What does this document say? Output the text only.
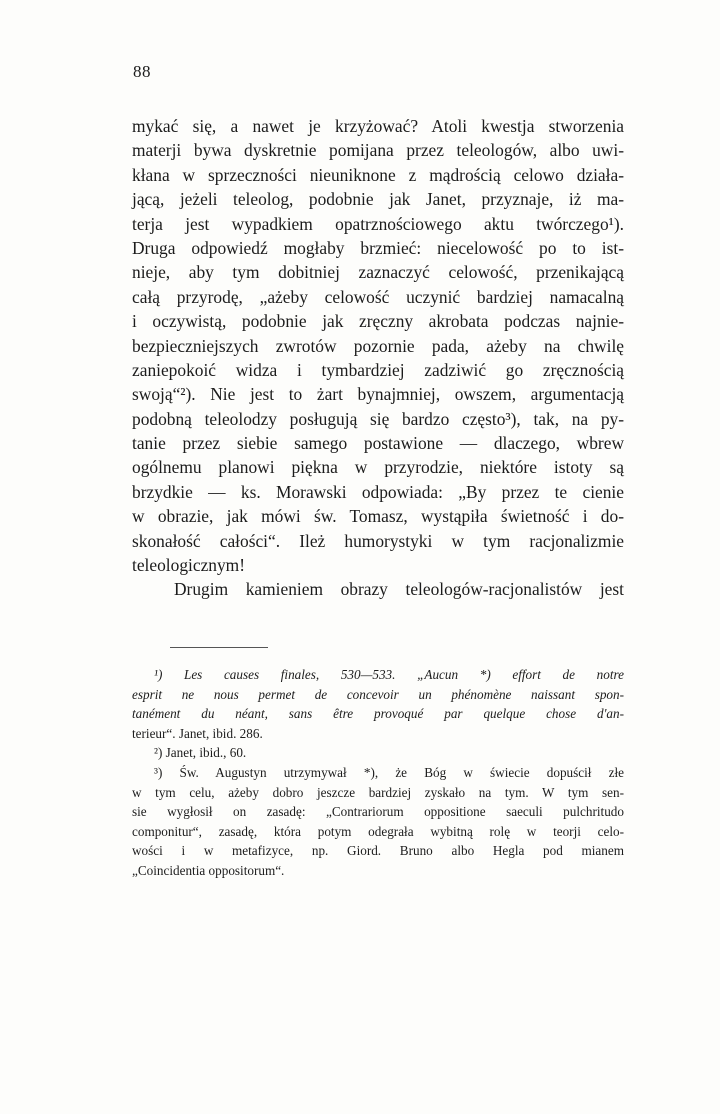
88
mykać się, a nawet je krzyżować? Atoli kwestja stworzenia
materji bywa dyskretnie pomijana przez teleologów, albo uwi-
kłana w sprzeczności nieuniknone z mądrością celowo działa-
jącą, jeżeli teleolog, podobnie jak Janet, przyznaje, iż ma-
terja jest wypadkiem opatrznościowego aktu twórczego¹).
Druga odpowiedź mogłaby brzmieć: niecelowość po to ist-
nieje, aby tym dobitniej zaznaczyć celowość, przenikającą
całą przyrodę, „ażeby celowość uczynić bardziej namacalną
i oczywistą, podobnie jak zręczny akrobata podczas najnie-
bezpieczniejszych zwrotów pozornie pada, ażeby na chwilę
zaniepokoić widza i tymbardziej zadziwić go zręcznością
swoją“²). Nie jest to żart bynajmniej, owszem, argumentacją
podobną teleolodzy posługują się bardzo często³), tak, na py-
tanie przez siebie samego postawione — dlaczego, wbrew
ogólnemu planowi piękna w przyrodzie, niektóre istoty są
brzydkie — ks. Morawski odpowiada: „By przez te cienie
w obrazie, jak mówi św. Tomasz, wystąpiła świetność i do-
skonałość całości“. Ileż humorystyki w tym racjonalizmie
teleologicznym!
Drugim kamieniem obrazy teleologów-racjonalistów jest
¹) Les causes finales, 530—533. „Aucun *) effort de notre
esprit ne nous permet de concevoir un phénomène naissant spon-
tanément du néant, sans être provoqué par quelque chose d'an-
terieur“. Janet, ibid. 286.
²) Janet, ibid., 60.
³) Św. Augustyn utrzymywał *), że Bóg w świecie dopuścił złe
w tym celu, ażeby dobro jeszcze bardziej zyskało na tym. W tym sen-
sie wygłosił on zasadę: „Contrariorum oppositione saeculi pulchritudo
componitur“, zasadę, która potym odegrała wybitną rolę w teorji celo-
wości i w metafizyce, np. Giord. Bruno albo Hegla pod mianem
„Coincidentia oppositorum“.
